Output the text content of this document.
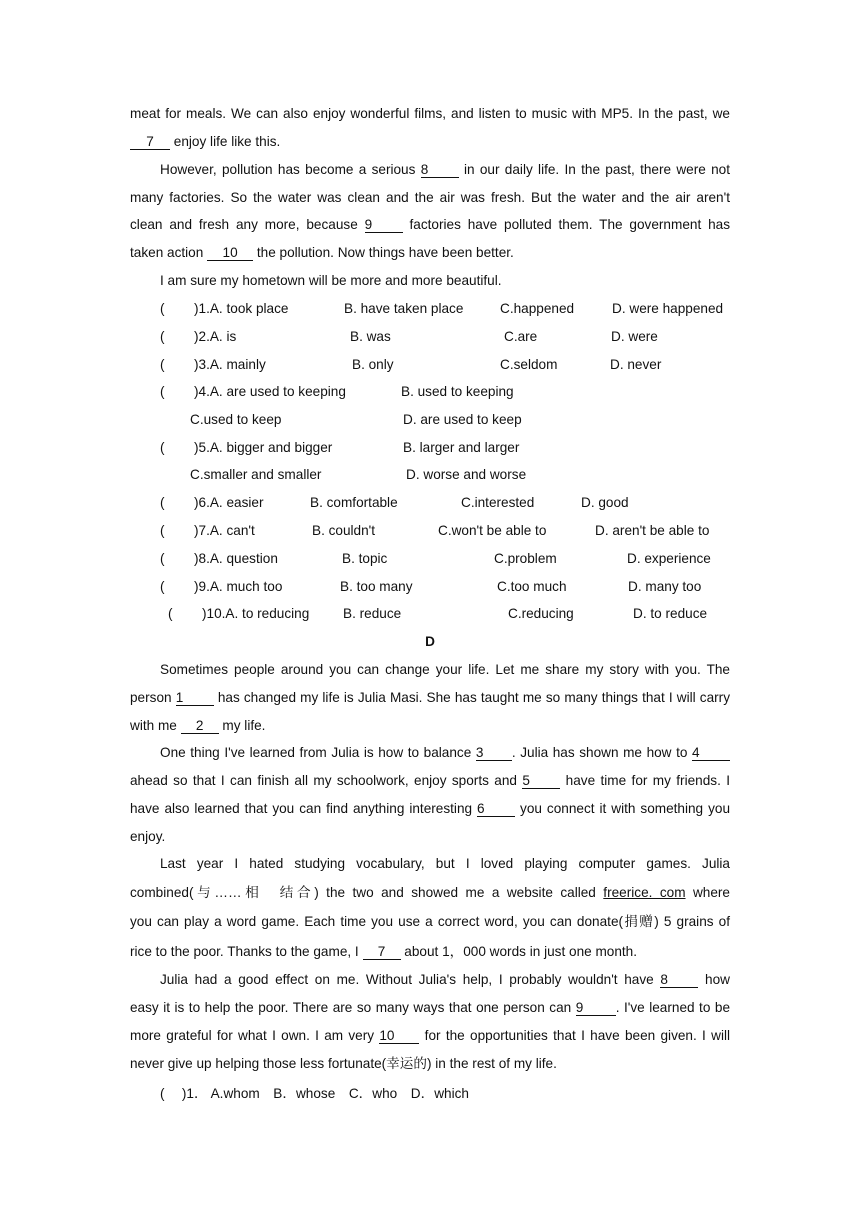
meat for meals. We can also enjoy wonderful films, and listen to music with MP5. In the past, we
7 enjoy life like this.
However, pollution has become a serious 8 in our daily life. In the past, there were not
many factories. So the water was clean and the air was fresh. But the water and the air aren't
clean and fresh any more, because 9 factories have polluted them. The government has
taken action 10 the pollution. Now things have been better.
I am sure my hometown will be more and more beautiful.
( )1.A. took place	B. have taken place	C.happened	D. were happened
( )2.A. is	B. was	C.are	D. were
( )3.A. mainly	B. only	C.seldom	D. never
( )4.A. are used to keeping	B. used to keeping
C.used to keep	D. are used to keep
( )5.A. bigger and bigger	B. larger and larger
C.smaller and smaller	D. worse and worse
( )6.A. easier	B. comfortable	C.interested	D. good
( )7.A. can't	B. couldn't	C.won't be able to	D. aren't be able to
( )8.A. question	B. topic	C.problem	D. experience
( )9.A. much too	B. too many	C.too much	D. many too
( )10.A. to reducing B. reduce	C.reducing	D. to reduce
D
Sometimes people around you can change your life. Let me share my story with you. The
person 1 has changed my life is Julia Masi. She has taught me so many things that I will carry
with me 2 my life.
One thing I've learned from Julia is how to balance 3 . Julia has shown me how to 4
ahead so that I can finish all my schoolwork, enjoy sports and 5 have time for my friends. I
have also learned that you can find anything interesting 6 you connect it with something you
enjoy.
Last year I hated studying vocabulary, but I loved playing computer games. Julia
combined(与……相　结合) the two and showed me a website called freerice. com where
you can play a word game. Each time you use a correct word, you can donate(捐赠) 5 grains of
rice to the poor. Thanks to the game, I 7 about 1，000 words in just one month.
Julia had a good effect on me. Without Julia's help, I probably wouldn't have 8 how
easy it is to help the poor. There are so many ways that one person can 9 . I've learned to be
more grateful for what I own. I am very 10 for the opportunities that I have been given. I will
never give up helping those less fortunate(幸运的) in the rest of my life.
(　 )1． A.whom　B．whose　C．who　D．which
